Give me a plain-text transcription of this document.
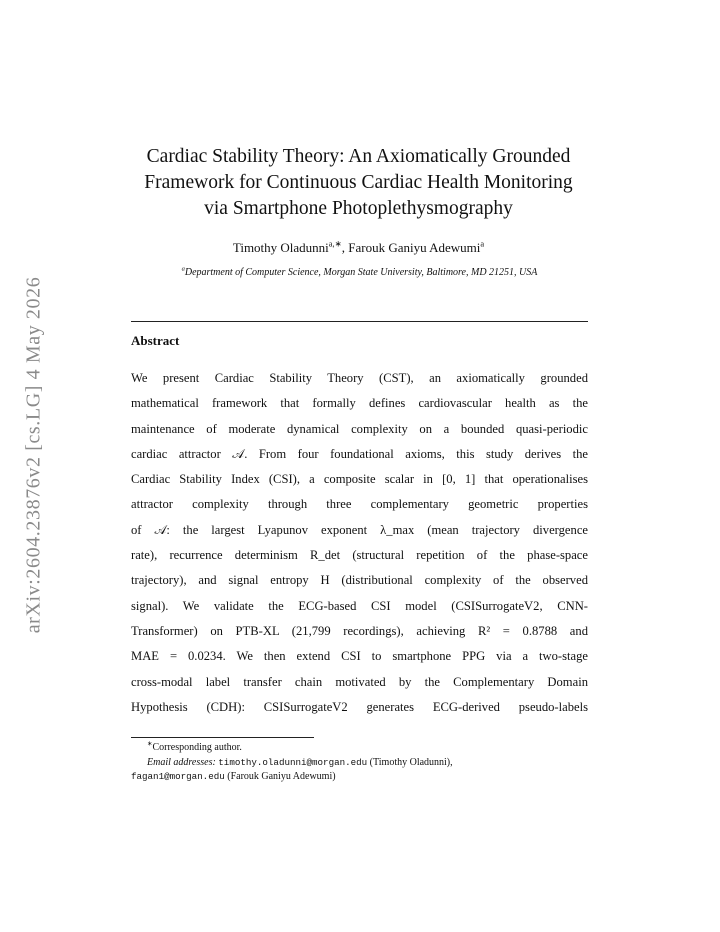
arXiv:2604.23876v2 [cs.LG] 4 May 2026
Cardiac Stability Theory: An Axiomatically Grounded
Framework for Continuous Cardiac Health Monitoring
via Smartphone Photoplethysmography
Timothy Oladunni$^{a,∗}$, Farouk Ganiyu Adewumi$^a$
$^a$Department of Computer Science, Morgan State University, Baltimore, MD 21251, USA
Abstract
We present Cardiac Stability Theory (CST), an axiomatically grounded
mathematical framework that formally defines cardiovascular health as the
maintenance of moderate dynamical complexity on a bounded quasi-periodic
cardiac attractor 𝒜. From four foundational axioms, this study derives the
Cardiac Stability Index (CSI), a composite scalar in [0, 1] that operationalises
attractor complexity through three complementary geometric properties
of 𝒜: the largest Lyapunov exponent λ_max (mean trajectory divergence
rate), recurrence determinism R_det (structural repetition of the phase-space
trajectory), and signal entropy H (distributional complexity of the observed
signal). We validate the ECG-based CSI model (CSISurrogateV2, CNN-
Transformer) on PTB-XL (21,799 recordings), achieving R² = 0.8788 and
MAE = 0.0234. We then extend CSI to smartphone PPG via a two-stage
cross-modal label transfer chain motivated by the Complementary Domain
Hypothesis (CDH): CSISurrogateV2 generates ECG-derived pseudo-labels
∗Corresponding author.
Email addresses: timothy.oladunni@morgan.edu (Timothy Oladunni),
fagan1@morgan.edu (Farouk Ganiyu Adewumi)
